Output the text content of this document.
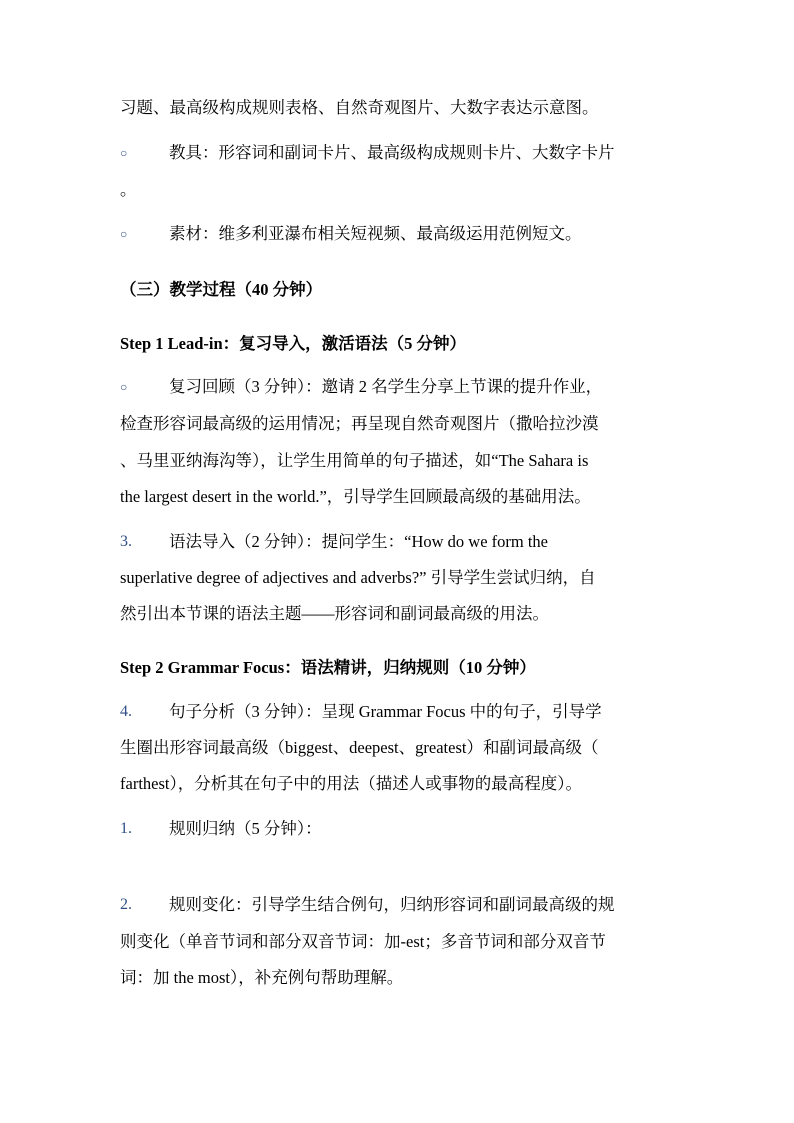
习题、最高级构成规则表格、自然奇观图片、大数字表达示意图。
○	教具：形容词和副词卡片、最高级构成规则卡片、大数字卡片
。
○	素材：维多利亚瀑布相关短视频、最高级运用范例短文。
（三）教学过程（40 分钟）
Step 1 Lead-in：复习导入，激活语法（5 分钟）
○	复习回顾（3 分钟）：邀请 2 名学生分享上节课的提升作业，
检查形容词最高级的运用情况；再呈现自然奇观图片（撒哈拉沙漠
、马里亚纳海沟等），让学生用简单的句子描述，如“The Sahara is
the largest desert in the world.”，引导学生回顾最高级的基础用法。
3. 语法导入（2 分钟）：提问学生：“How do we form the
superlative degree of adjectives and adverbs?” 引导学生尝试归纳，自
然引出本节课的语法主题——形容词和副词最高级的用法。
Step 2 Grammar Focus：语法精讲，归纳规则（10 分钟）
4. 句子分析（3 分钟）：呈现 Grammar Focus 中的句子，引导学
生圈出形容词最高级（biggest、deepest、greatest）和副词最高级（
farthest），分析其在句子中的用法（描述人或事物的最高程度）。
1. 规则归纳（5 分钟）：
2. 规则变化：引导学生结合例句，归纳形容词和副词最高级的规
则变化（单音节词和部分双音节词：加-est；多音节词和部分双音节
词：加 the most），补充例句帮助理解。
